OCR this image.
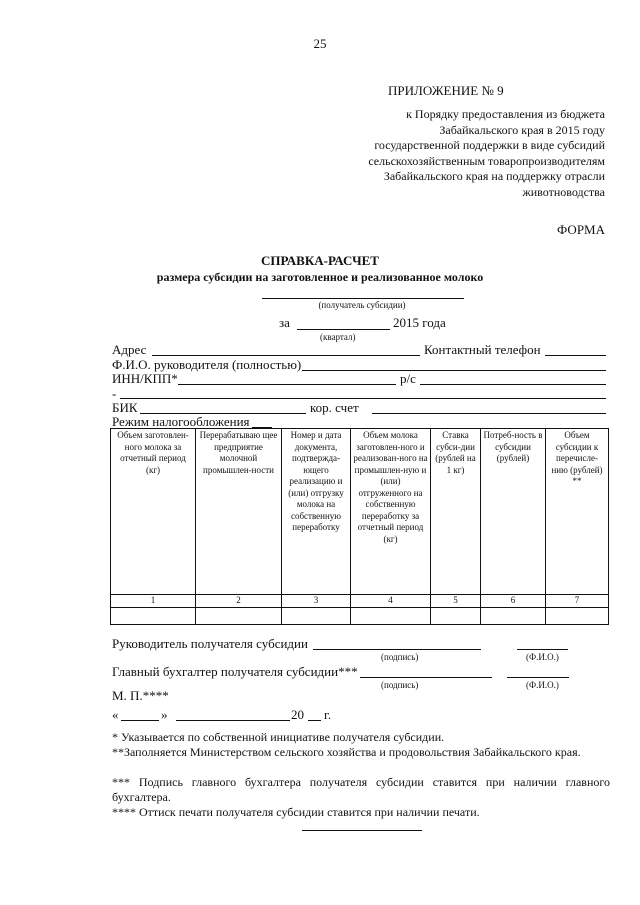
25
ПРИЛОЖЕНИЕ № 9
к Порядку предоставления из бюджета
Забайкальского края в 2015 году
государственной поддержки в виде субсидий
сельскохозяйственным товаропроизводителям
Забайкальского края на поддержку отрасли
животноводства
ФОРМА
СПРАВКА-РАСЧЕТ
размера субсидии на заготовленное и реализованное молоко
(получатель субсидии)
за	2015 года
(квартал)
Адрес	Контактный телефон
Ф.И.О. руководителя (полностью)
ИНН/КПП*	р/с
-
БИК	кор. счет
Режим налогообложения
Объем заготовлен-ного молока за отчетный период (кг)	Перерабатываю щее предприятие молочной промышлен-ности	Номер и дата документа, подтвержда-ющего реализацию и (или) отгрузку молока на собственную переработку	Объем молока заготовлен-ного и реализован-ного на промышлен-ную и (или) отгруженного на собственную переработку за отчетный период (кг)	Ставка субси-дии (рублей на 1 кг)	Потреб-ность в субсидии (рублей)	Объем субсидии к перечисле-нию (рублей) **
1	2	3	4	5	6	7

Руководитель получателя субсидии
(подпись)	(Ф.И.О.)
Главный бухгалтер получателя субсидии***
(подпись)	(Ф.И.О.)
М. П.****
«	»	20 г.
* Указывается по собственной инициативе получателя субсидии.
**Заполняется Министерством сельского хозяйства и продовольствия Забайкальского края.
*** Подпись главного бухгалтера получателя субсидии ставится при наличии главного бухгалтера.
**** Оттиск печати получателя субсидии ставится при наличии печати.
